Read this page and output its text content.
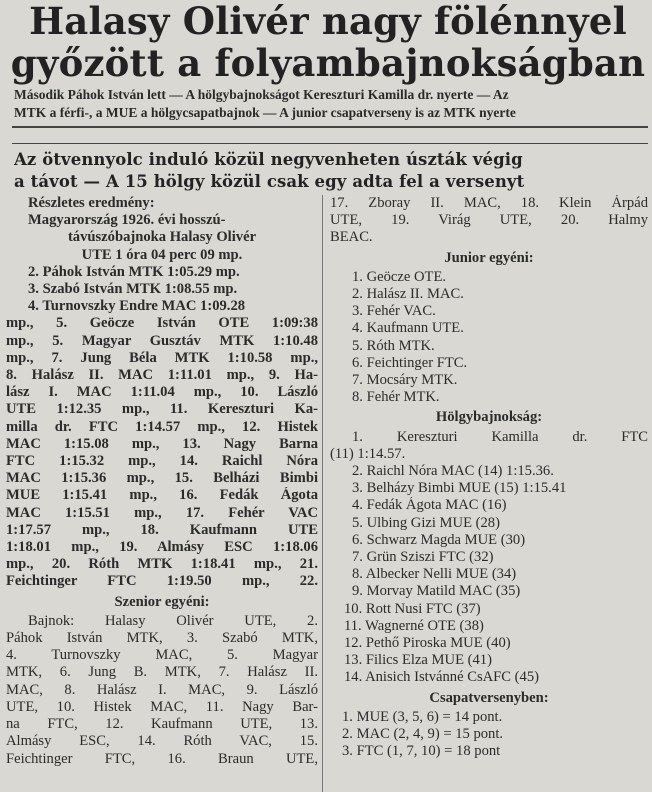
Halasy Olivér nagy fölénnyel
győzött a folyambajnokságban
Második Páhok István lett — A hölgybajnokságot Kereszturi Kamilla dr. nyerte — Az
MTK a férfi-, a MUE a hölgycsapatbajnok — A junior csapatverseny is az MTK nyerte
Az ötvennyolc induló közül negyvenheten úszták végig
a távot — A 15 hölgy közül csak egy adta fel a versenyt
Részletes eredmény:
Magyarország 1926. évi hosszú-
távúszóbajnoka Halasy Olivér
UTE 1 óra 04 perc 09 mp.
2. Páhok István MTK 1:05.29 mp.
3. Szabó István MTK 1:08.55 mp.
4. Turnovszky Endre MAC 1:09.28
mp., 5. Geöcze István OTE 1:09:38
mp., 5. Magyar Gusztáv MTK 1:10.48
mp., 7. Jung Béla MTK 1:10.58 mp.,
8. Halász II. MAC 1:11.01 mp., 9. Ha-
lász I. MAC 1:11.04 mp., 10. László
UTE 1:12.35 mp., 11. Kereszturi Ka-
milla dr. FTC 1:14.57 mp., 12. Histek
MAC 1:15.08 mp., 13. Nagy Barna
FTC 1:15.32 mp., 14. Raichl Nóra
MAC 1:15.36 mp., 15. Belházi Bimbi
MUE 1:15.41 mp., 16. Fedák Ágota
MAC 1:15.51 mp., 17. Fehér VAC
1:17.57 mp., 18. Kaufmann UTE
1:18.01 mp., 19. Almásy ESC 1:18.06
mp., 20. Róth MTK 1:18.41 mp., 21.
Feichtinger FTC 1:19.50 mp., 22.
Szenior egyéni:
Bajnok: Halasy Olivér UTE, 2.
Páhok István MTK, 3. Szabó MTK,
4. Turnovszky MAC, 5. Magyar
MTK, 6. Jung B. MTK, 7. Halász II.
MAC, 8. Halász I. MAC, 9. László
UTE, 10. Histek MAC, 11. Nagy Bar-
na FTC, 12. Kaufmann UTE, 13.
Almásy ESC, 14. Róth VAC, 15.
Feichtinger FTC, 16. Braun UTE,
17. Zboray II. MAC, 18. Klein Árpád
UTE, 19. Virág UTE, 20. Halmy
BEAC.
Junior egyéni:
1. Geöcze OTE.
2. Halász II. MAC.
3. Fehér VAC.
4. Kaufmann UTE.
5. Róth MTK.
6. Feichtinger FTC.
7. Mocsáry MTK.
8. Fehér MTK.
Hölgybajnokság:
1. Kereszturi Kamilla dr. FTC
(11) 1:14.57.
2. Raichl Nóra MAC (14) 1:15.36.
3. Belházy Bimbi MUE (15) 1:15.41
4. Fedák Ágota MAC (16)
5. Ulbing Gizi MUE (28)
6. Schwarz Magda MUE (30)
7. Grün Sziszi FTC (32)
8. Albecker Nelli MUE (34)
9. Morvay Matild MAC (35)
10. Rott Nusi FTC (37)
11. Wagnerné OTE (38)
12. Pethő Piroska MUE (40)
13. Filics Elza MUE (41)
14. Anisich Istvánné CsAFC (45)
Csapatversenyben:
1. MUE (3, 5, 6) = 14 pont.
2. MAC (2, 4, 9) = 15 pont.
3. FTC (1, 7, 10) = 18 pont
